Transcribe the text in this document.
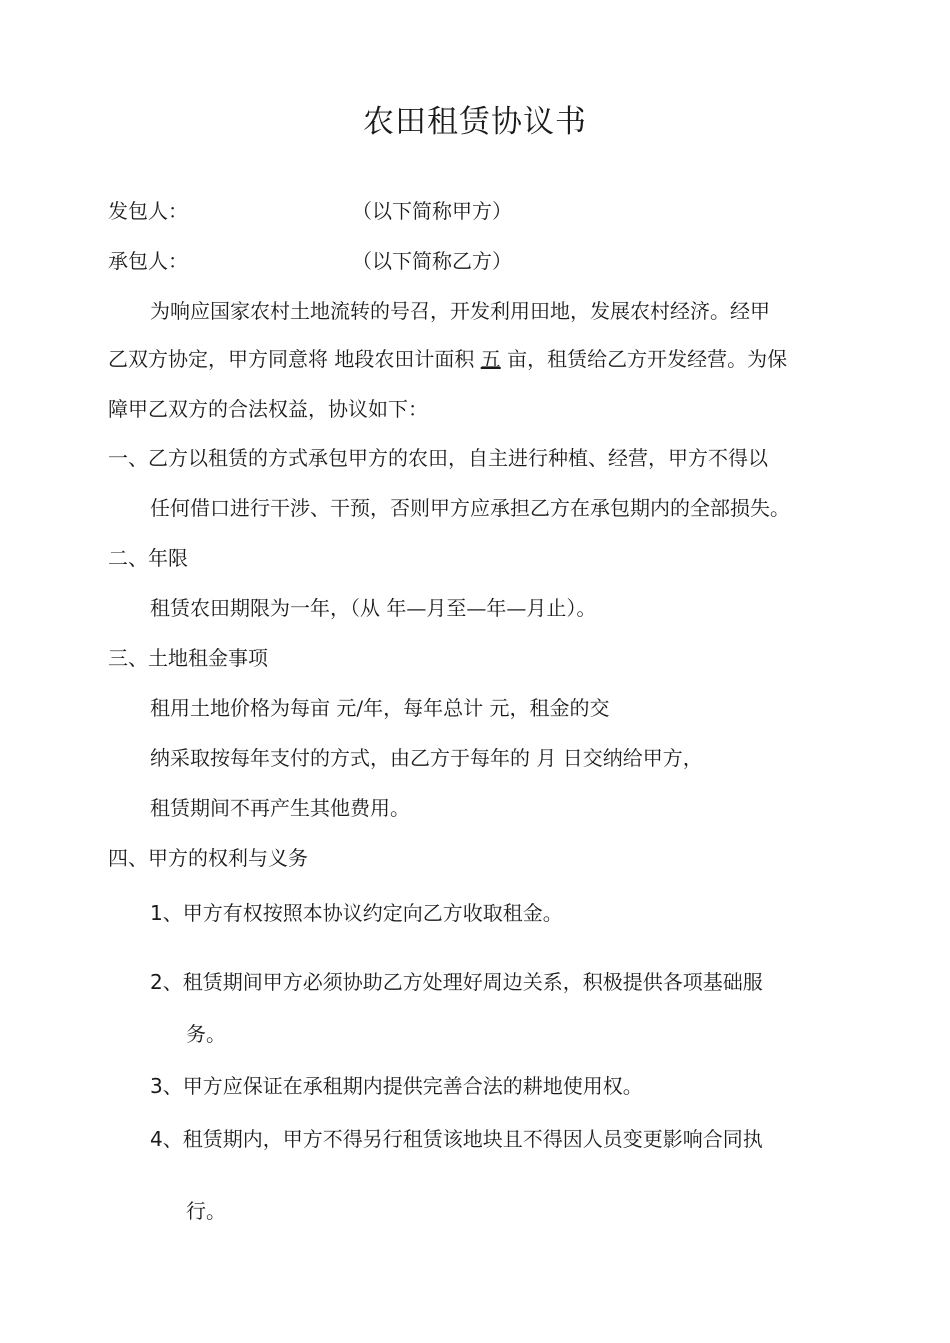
农田租赁协议书
发包人：	（以下简称甲方）
承包人：	（以下简称乙方）
为响应国家农村土地流转的号召，开发利用田地，发展农村经济。经甲
乙双方协定，甲方同意将 地段农田计面积 五 亩，租赁给乙方开发经营。为保
障甲乙双方的合法权益，协议如下：
一、乙方以租赁的方式承包甲方的农田，自主进行种植、经营，甲方不得以
任何借口进行干涉、干预，否则甲方应承担乙方在承包期内的全部损失。
二、年限
租赁农田期限为一年，（从 年—月至—年—月止）。
三、土地租金事项
租用土地价格为每亩 元/年，每年总计 元，租金的交
纳采取按每年支付的方式，由乙方于每年的 月 日交纳给甲方，
租赁期间不再产生其他费用。
四、甲方的权利与义务
1、甲方有权按照本协议约定向乙方收取租金。
2、租赁期间甲方必须协助乙方处理好周边关系，积极提供各项基础服
务。
3、甲方应保证在承租期内提供完善合法的耕地使用权。
4、租赁期内，甲方不得另行租赁该地块且不得因人员变更影响合同执
行。
